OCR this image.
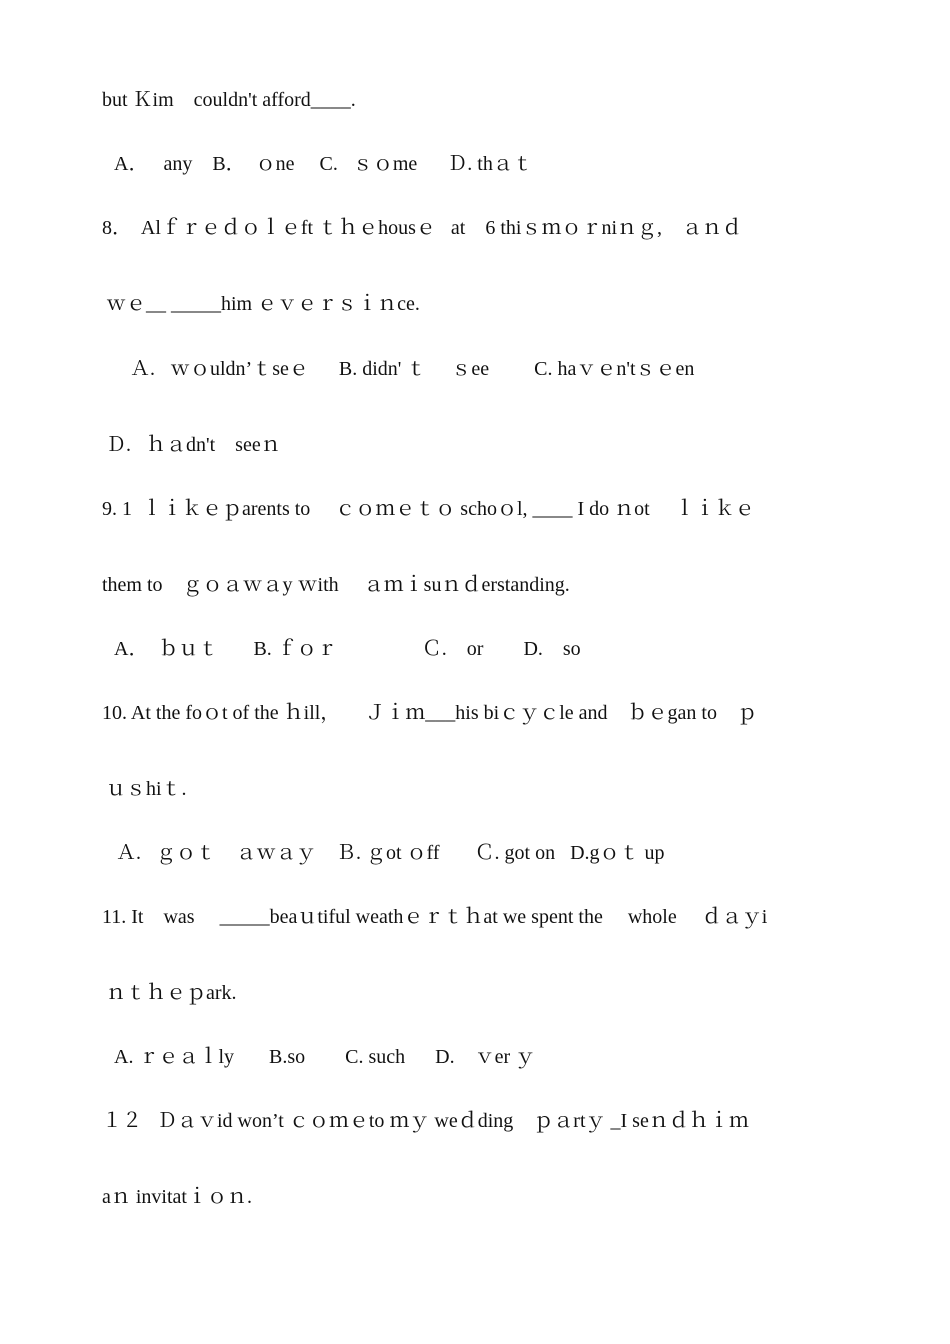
but Ｋim    couldn't afford____.
A．   any    B．  ｏne     C.   ｓｏme      Ｄ. thａｔ
8．  Alｆｒｅｄｏｌｅft ｔｈｅhousｅ   at    6 thiｓｍｏｒniｎｇ,    ａｎｄ
ｗｅ__ _____him ｅｖｅｒｓｉｎce.
Ａ.   ｗｏuldn’ｔseｅ      B. didn' ｔ     ｓee         C. haｖｅn'tｓｅen
Ｄ.   ｈａdn't    seeｎ
9. 1  ｌｉｋｅｐarents to     ｃｏｍｅｔｏ schoｏl, ____ I do ｎot     ｌｉｋｅ
them to    ｇｏａｗａy ｗith     ａｍｉsuｎｄerstanding.
A．  ｂｕｔ       B. ｆｏｒ                 Ｃ.    or        D.    so
10. At the foｏt of the ｈill，     Ｊｉｍ___his biｃｙｃle and    ｂｅgan to    ｐ
ｕｓhiｔ.
Ａ.   ｇｏｔ    ａｗａｙ    Ｂ. ｇot ｏff       Ｃ. got on   D.gｏｔ up
11. It    was     _____beaｕtiful weathｅｒｔｈat we spent the     whole     ｄａｙi
ｎｔｈｅｐark.
A. ｒｅａｌly       B.so        C. such      D.    ｖer ｙ
１２   Ｄａｖid won’t ｃｏｍｅto ｍｙ weｄding    ｐａrtｙ _I seｎｄｈｉｍ
aｎ invitatｉｏｎ.
